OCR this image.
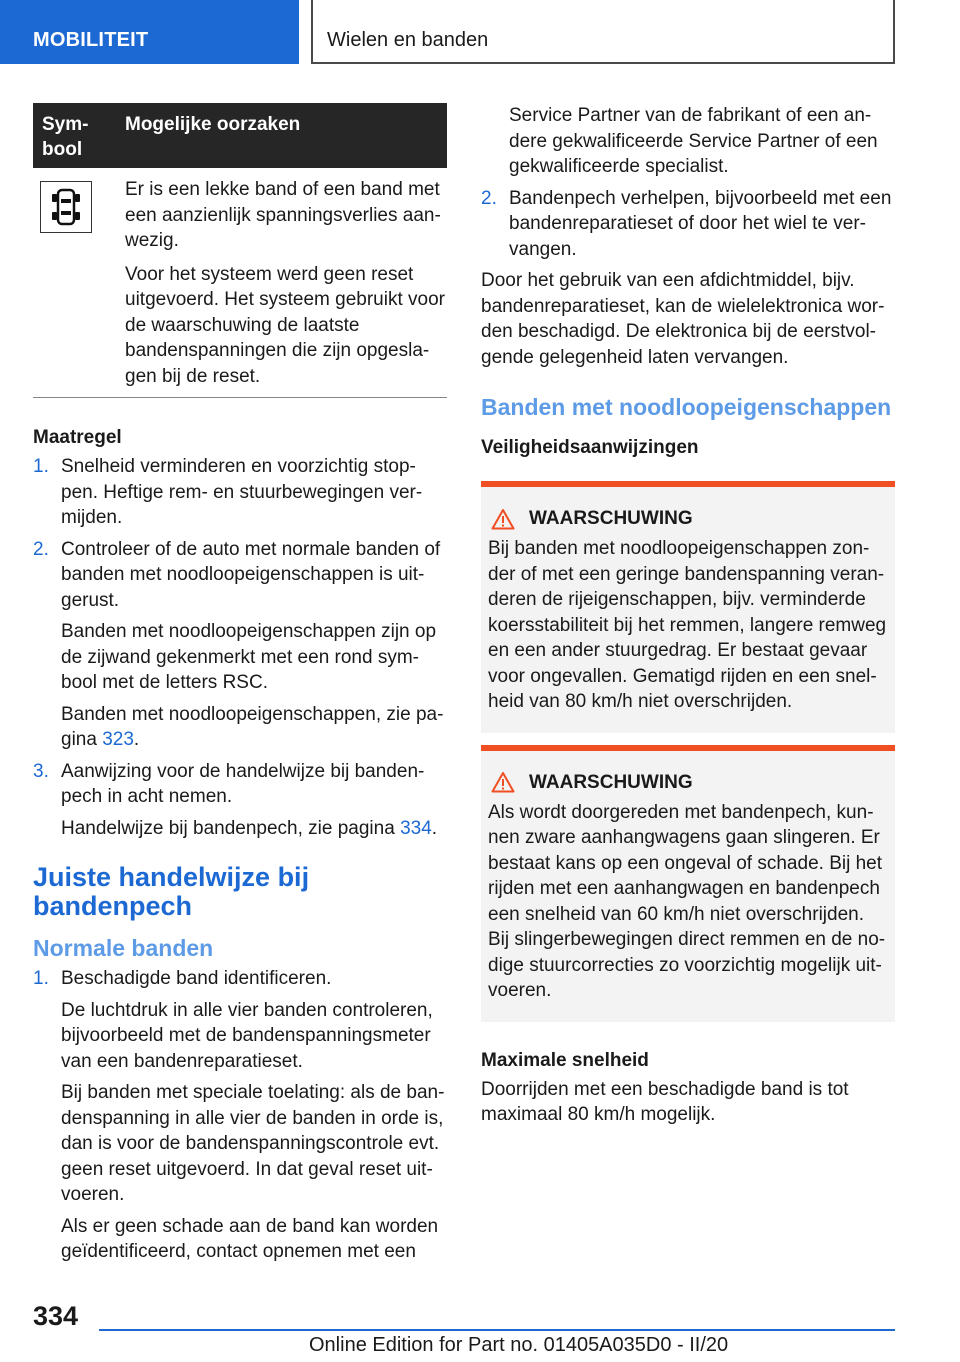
MOBILITEIT	Wielen en banden
Sym-
bool
Mogelijke oorzaken

Er is een lekke band of een band met een aanzienlijk spanningsverlies aan-wezig.

Voor het systeem werd geen reset uitgevoerd. Het systeem gebruikt voor de waarschuwing de laatste bandenspanningen die zijn opgesla-gen bij de reset.

Maatregel
1. Snelheid verminderen en voorzichtig stop-pen. Heftige rem- en stuurbewegingen ver-mijden.

2. Controleer of de auto met normale banden of banden met noodloopeigenschappen is uit-gerust.

Banden met noodloopeigenschappen zijn op de zijwand gekenmerkt met een rond sym-bool met de letters RSC.

Banden met noodloopeigenschappen, zie pa-gina 323.

3. Aanwijzing voor de handelwijze bij banden-pech in acht nemen.

Handelwijze bij bandenpech, zie pagina 334.

Juiste handelwijze bij bandenpech
Normale banden
1. Beschadigde band identificeren.

De luchtdruk in alle vier banden controleren, bijvoorbeeld met de bandenspanningsmeter van een bandenreparatieset.

Bij banden met speciale toelating: als de ban-denspanning in alle vier de banden in orde is, dan is voor de bandenspanningscontrole evt. geen reset uitgevoerd. In dat geval reset uit-voeren.

Als er geen schade aan de band kan worden geïdentificeerd, contact opnemen met een

Service Partner van de fabrikant of een an-dere gekwalificeerde Service Partner of een gekwalificeerde specialist.

2. Bandenpech verhelpen, bijvoorbeeld met een bandenreparatieset of door het wiel te ver-vangen.

Door het gebruik van een afdichtmiddel, bijv. bandenreparatieset, kan de wielelektronica wor-den beschadigd. De elektronica bij de eerstvol-gende gelegenheid laten vervangen.

Banden met noodloopeigenschappen
Veiligheidsaanwijzingen
WAARSCHUWING

Bij banden met noodloopeigenschappen zon-der of met een geringe bandenspanning veran-deren de rijeigenschappen, bijv. verminderde koersstabiliteit bij het remmen, langere remweg en een ander stuurgedrag. Er bestaat gevaar voor ongevallen. Gematigd rijden en een snel-heid van 80 km/h niet overschrijden.

WAARSCHUWING

Als wordt doorgereden met bandenpech, kun-nen zware aanhangwagens gaan slingeren. Er bestaat kans op een ongeval of schade. Bij het rijden met een aanhangwagen en bandenpech een snelheid van 60 km/h niet overschrijden. Bij slingerbewegingen direct remmen en de no-dige stuurcorrecties zo voorzichtig mogelijk uit-voeren.

Maximale snelheid

Doorrijden met een beschadigde band is tot maximaal 80 km/h mogelijk.

334
Online Edition for Part no. 01405A035D0 - II/20
